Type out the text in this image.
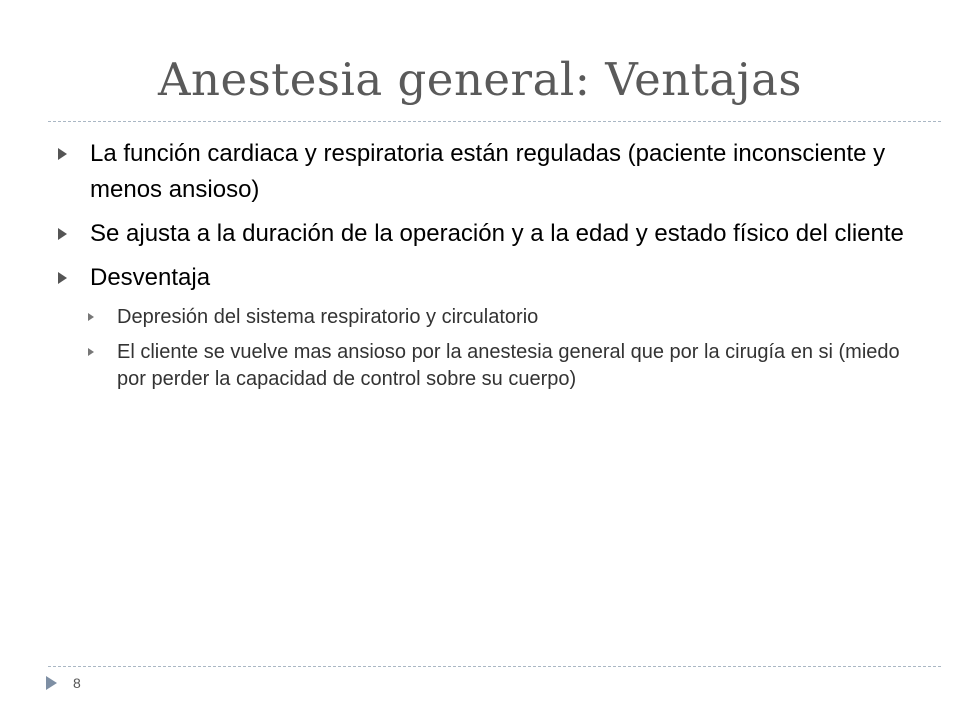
Anestesia general: Ventajas
La función cardiaca y respiratoria están reguladas (paciente inconsciente y menos ansioso)
Se ajusta a la duración de la operación y a la edad y estado físico del cliente
Desventaja
Depresión del sistema respiratorio y circulatorio
El cliente se vuelve mas ansioso por la anestesia general que por la cirugía en si (miedo por perder la capacidad de control sobre su cuerpo)
8
